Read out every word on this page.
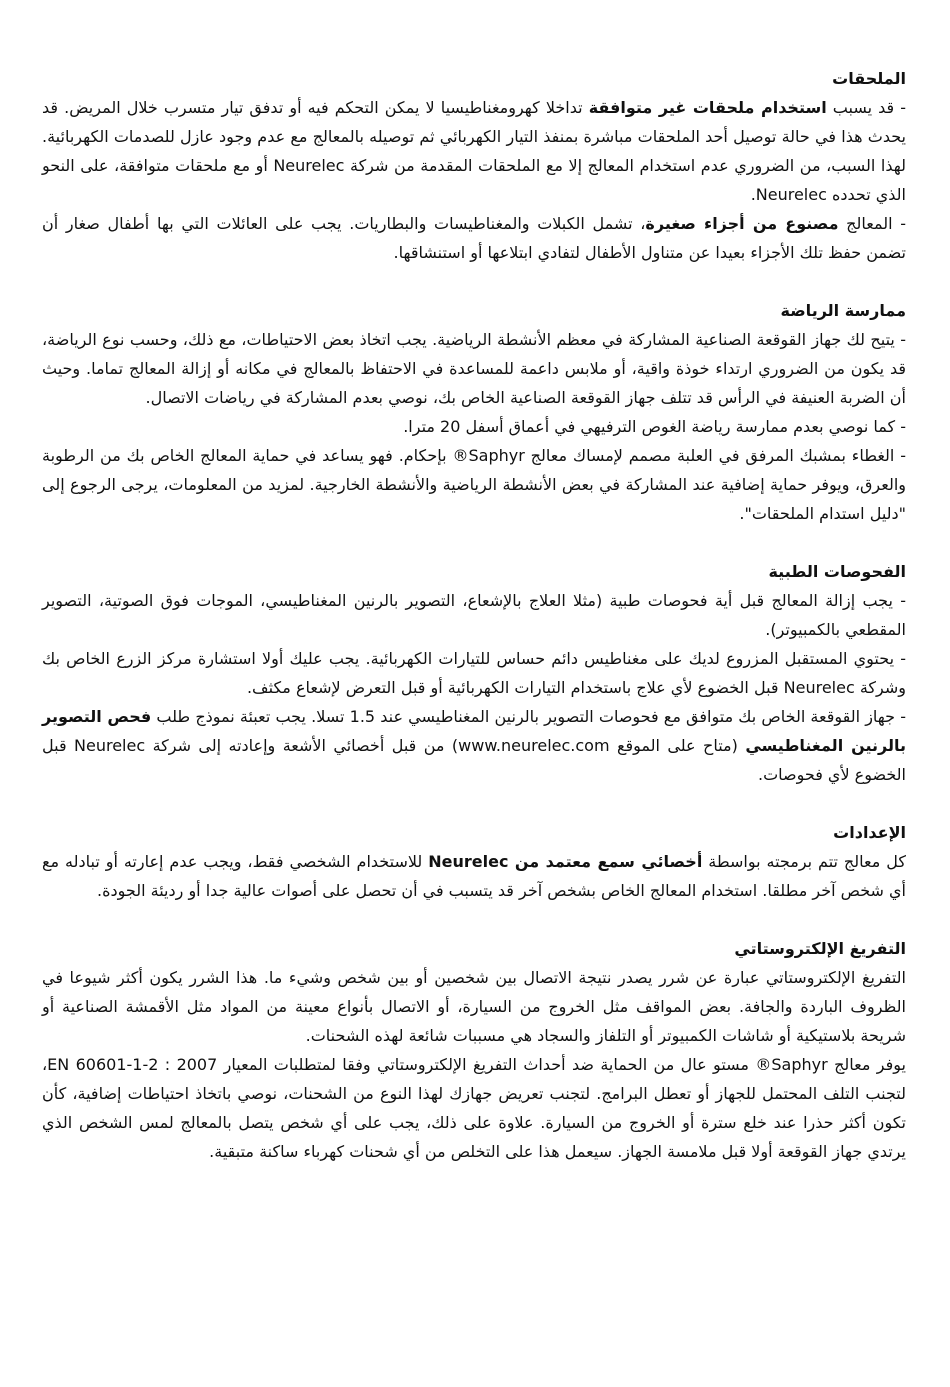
الملحقات

- قد يسبب استخدام ملحقات غير متوافقة تداخلا كهرومغناطيسيا لا يمكن التحكم فيه أو تدفق تيار متسرب خلال المريض. قد يحدث هذا في حالة توصيل أحد الملحقات مباشرة بمنفذ التيار الكهربائي ثم توصيله بالمعالج مع عدم وجود عازل للصدمات الكهربائية. لهذا السبب، من الضروري عدم استخدام المعالج إلا مع الملحقات المقدمة من شركة Neurelec أو مع ملحقات متوافقة، على النحو الذي تحدده Neurelec.

- المعالج مصنوع من أجزاء صغيرة، تشمل الكبلات والمغناطيسات والبطاريات. يجب على العائلات التي بها أطفال صغار أن تضمن حفظ تلك الأجزاء بعيدا عن متناول الأطفال لتفادي ابتلاعها أو استنشاقها.

ممارسة الرياضة

- يتيح لك جهاز القوقعة الصناعية المشاركة في معظم الأنشطة الرياضية. يجب اتخاذ بعض الاحتياطات، مع ذلك، وحسب نوع الرياضة، قد يكون من الضروري ارتداء خوذة واقية، أو ملابس داعمة للمساعدة في الاحتفاظ بالمعالج في مكانه أو إزالة المعالج تماما. وحيث أن الضربة العنيفة في الرأس قد تتلف جهاز القوقعة الصناعية الخاص بك، نوصي بعدم المشاركة في رياضات الاتصال.

- كما نوصي بعدم ممارسة رياضة الغوص الترفيهي في أعماق أسفل 20 مترا.

- الغطاء بمشبك المرفق في العلبة مصمم لإمساك معالج Saphyr® بإحكام. فهو يساعد في حماية المعالج الخاص بك من الرطوبة والعرق، ويوفر حماية إضافية عند المشاركة في بعض الأنشطة الرياضية والأنشطة الخارجية. لمزيد من المعلومات، يرجى الرجوع إلى "دليل استدام الملحقات".

الفحوصات الطبية

- يجب إزالة المعالج قبل أية فحوصات طبية (مثلا العلاج بالإشعاع، التصوير بالرنين المغناطيسي، الموجات فوق الصوتية، التصوير المقطعي بالكمبيوتر).

- يحتوي المستقبل المزروع لديك على مغناطيس دائم حساس للتيارات الكهربائية. يجب عليك أولا استشارة مركز الزرع الخاص بك وشركة Neurelec قبل الخضوع لأي علاج باستخدام التيارات الكهربائية أو قبل التعرض لإشعاع مكثف.

- جهاز القوقعة الخاص بك متوافق مع فحوصات التصوير بالرنين المغناطيسي عند 1.5 تسلا. يجب تعبئة نموذج طلب فحص التصوير بالرنين المغناطيسي (متاح على الموقع www.neurelec.com) من قبل أخصائي الأشعة وإعادته إلى شركة Neurelec قبل الخضوع لأي فحوصات.

الإعدادات

كل معالج تتم برمجته بواسطة أخصائي سمع معتمد من Neurelec للاستخدام الشخصي فقط، ويجب عدم إعارته أو تبادله مع أي شخص آخر مطلقا. استخدام المعالج الخاص بشخص آخر قد يتسبب في أن تحصل على أصوات عالية جدا أو رديئة الجودة.

التفريغ الإلكتروستاتي

التفريغ الإلكتروستاتي عبارة عن شرر يصدر نتيجة الاتصال بين شخصين أو بين شخص وشيء ما. هذا الشرر يكون أكثر شيوعا في الظروف الباردة والجافة. بعض المواقف مثل الخروج من السيارة، أو الاتصال بأنواع معينة من المواد مثل الأقمشة الصناعية أو شريحة بلاستيكية أو شاشات الكمبيوتر أو التلفاز والسجاد هي مسببات شائعة لهذه الشحنات.

يوفر معالج Saphyr® مستو عال من الحماية ضد أحداث التفريغ الإلكتروستاتي وفقا لمتطلبات المعيار EN 60601-1-2 : 2007، لتجنب التلف المحتمل للجهاز أو تعطل البرامج. لتجنب تعريض جهازك لهذا النوع من الشحنات، نوصي باتخاذ احتياطات إضافية، كأن تكون أكثر حذرا عند خلع سترة أو الخروج من السيارة. علاوة على ذلك، يجب على أي شخص يتصل بالمعالج لمس الشخص الذي يرتدي جهاز القوقعة أولا قبل ملامسة الجهاز. سيعمل هذا على التخلص من أي شحنات كهرباء ساكنة متبقية.
